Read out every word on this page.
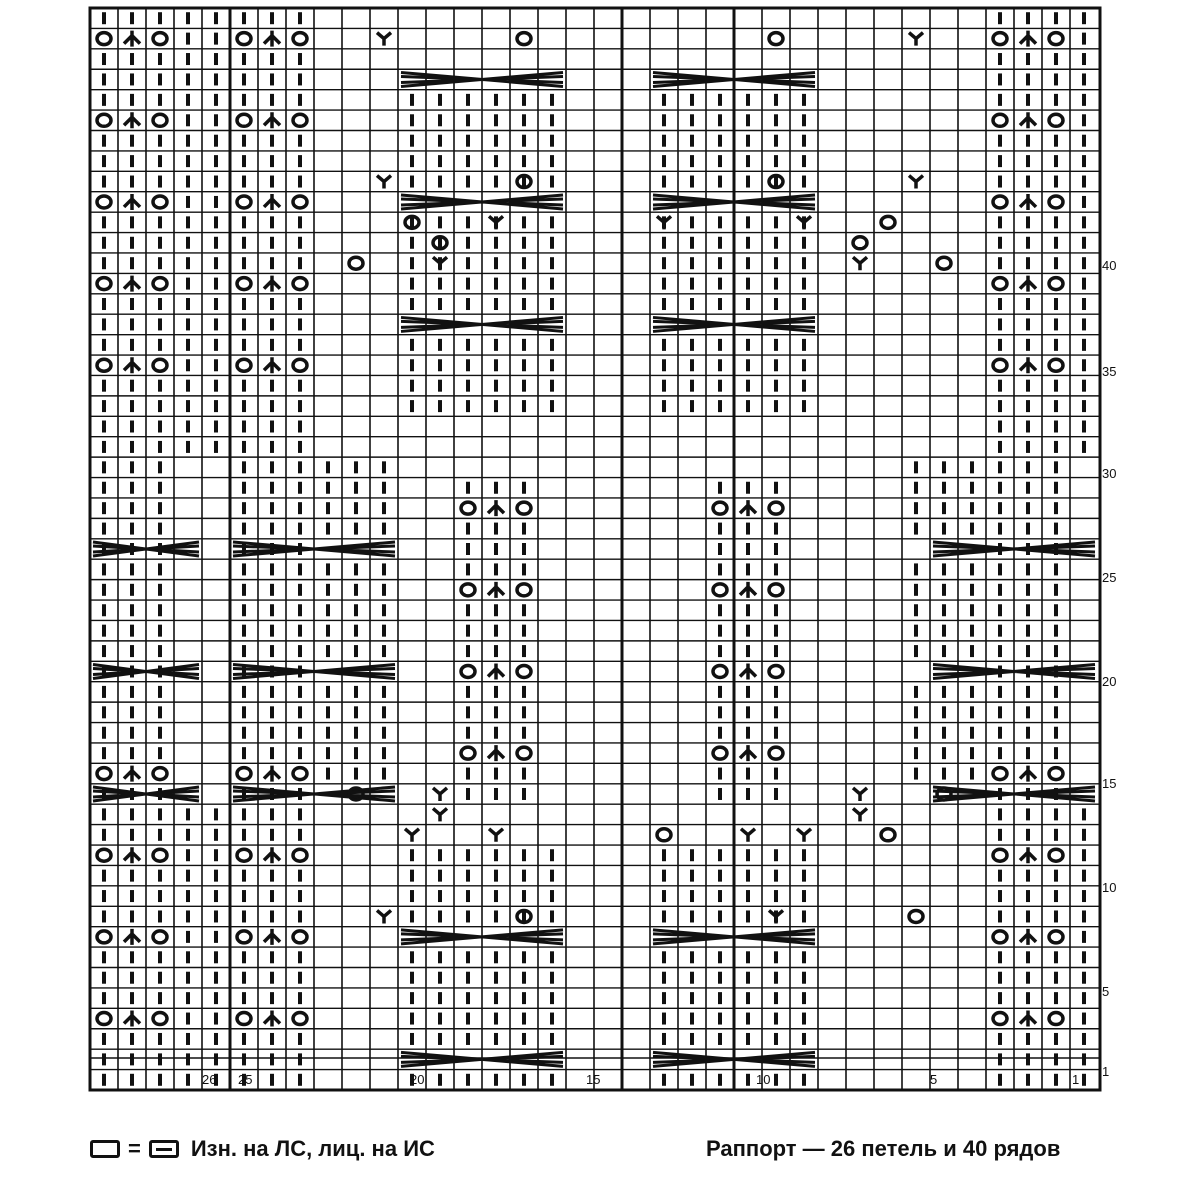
1
5
10
15
20
25
30
35
40
26 25	20	15	10	5	1
= Изн. на ЛС, лиц. на ИС	Раппорт — 26 петель и 40 рядов
